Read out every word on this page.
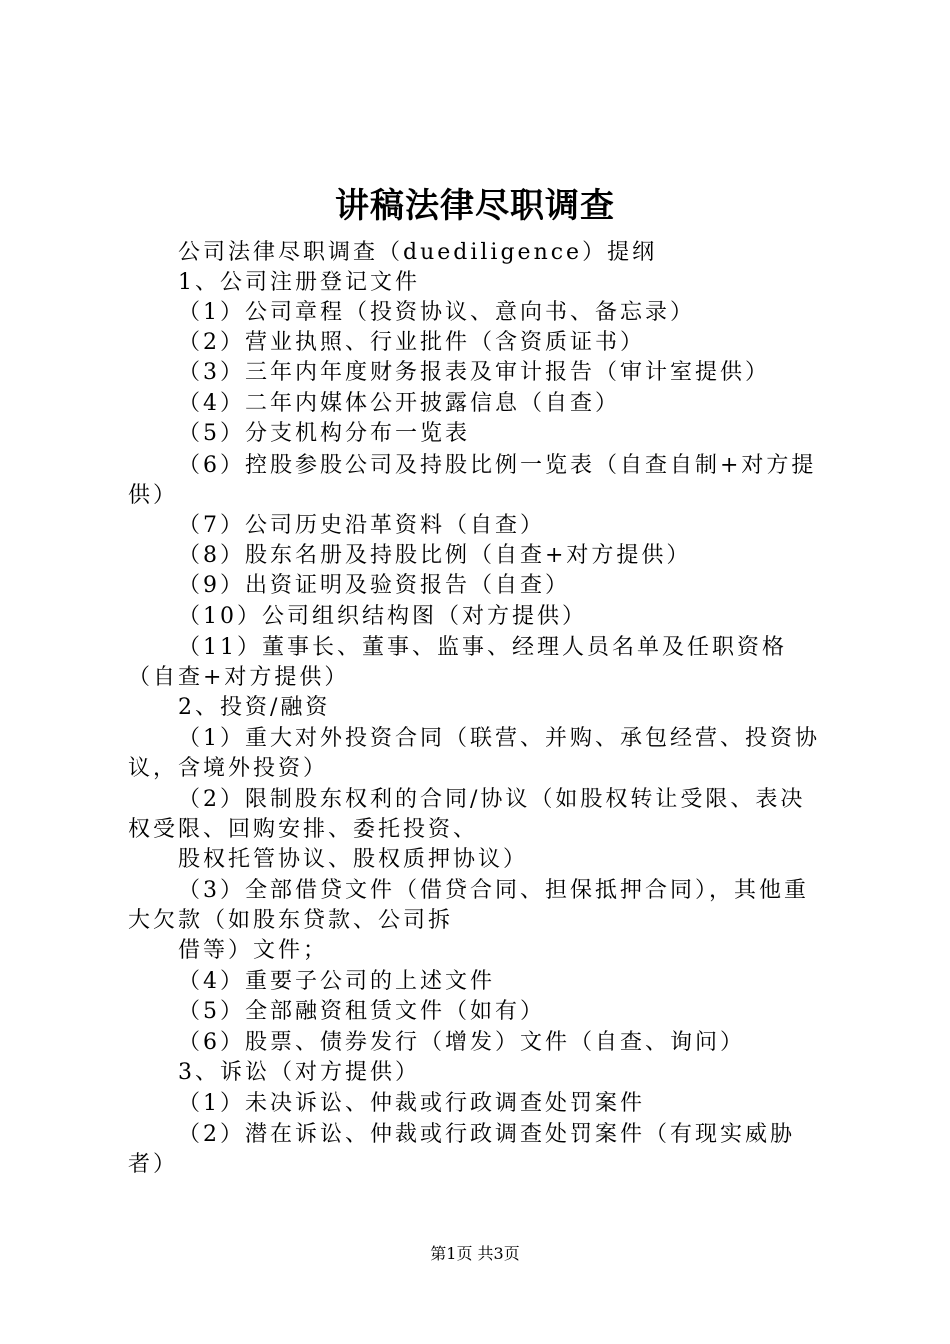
讲稿法律尽职调查
公司法律尽职调查（duediligence）提纲
1、公司注册登记文件
（1）公司章程（投资协议、意向书、备忘录）
（2）营业执照、行业批件（含资质证书）
（3）三年内年度财务报表及审计报告（审计室提供）
（4）二年内媒体公开披露信息（自查）
（5）分支机构分布一览表
（6）控股参股公司及持股比例一览表（自查自制+对方提
供）
（7）公司历史沿革资料（自查）
（8）股东名册及持股比例（自查+对方提供）
（9）出资证明及验资报告（自查）
（10）公司组织结构图（对方提供）
（11）董事长、董事、监事、经理人员名单及任职资格
（自查+对方提供）
2、投资/融资
（1）重大对外投资合同（联营、并购、承包经营、投资协
议，含境外投资）
（2）限制股东权利的合同/协议（如股权转让受限、表决
权受限、回购安排、委托投资、
股权托管协议、股权质押协议）
（3）全部借贷文件（借贷合同、担保抵押合同），其他重
大欠款（如股东贷款、公司拆
借等）文件；
（4）重要子公司的上述文件
（5）全部融资租赁文件（如有）
（6）股票、债券发行（增发）文件（自查、询问）
3、诉讼（对方提供）
（1）未决诉讼、仲裁或行政调查处罚案件
（2）潜在诉讼、仲裁或行政调查处罚案件（有现实威胁
者）
第1页 共3页
